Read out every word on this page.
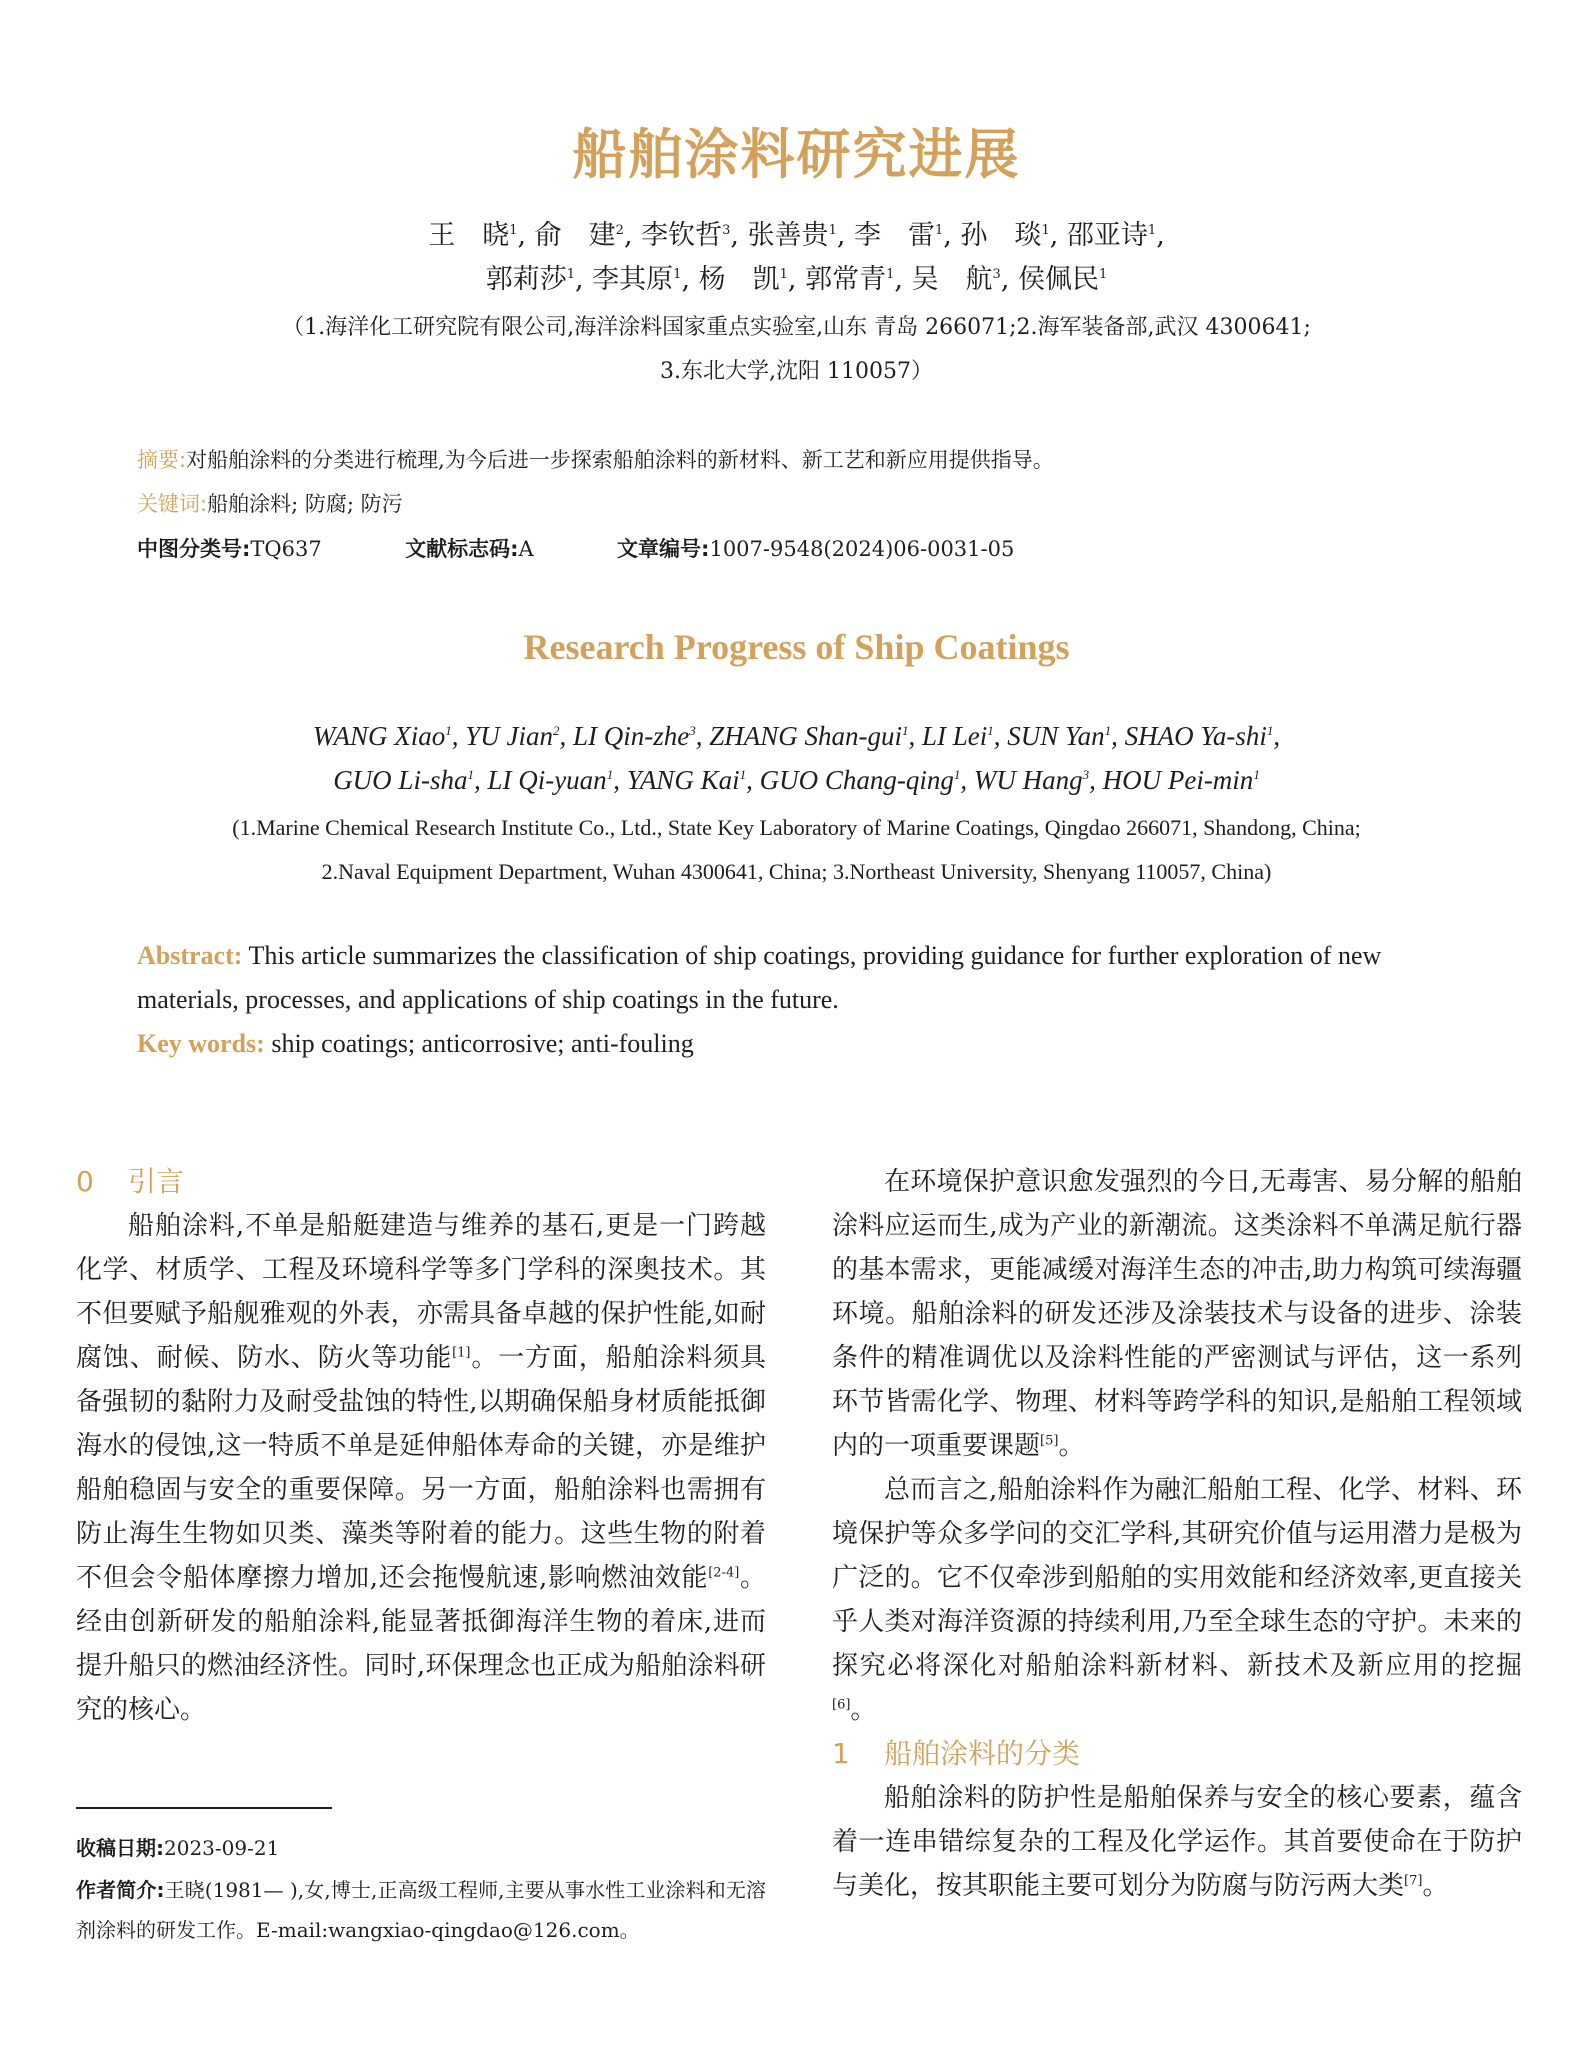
船舶涂料研究进展
王　晓$^1$, 俞　建$^2$, 李钦哲$^3$, 张善贵$^1$, 李　雷$^1$, 孙　琰$^1$, 邵亚诗$^1$,
郭莉莎$^1$, 李其原$^1$, 杨　凯$^1$, 郭常青$^1$, 吴　航$^3$, 侯佩民$^1$
（1.海洋化工研究院有限公司,海洋涂料国家重点实验室,山东 青岛 266071;2.海军装备部,武汉 4300641;
3.东北大学,沈阳 110057）
摘要:对船舶涂料的分类进行梳理,为今后进一步探索船舶涂料的新材料、新工艺和新应用提供指导。
关键词:船舶涂料; 防腐; 防污
中图分类号:TQ637	文献标志码:A	文章编号:1007-9548(2024)06-0031-05
Research Progress of Ship Coatings
WANG Xiao$^1$, YU Jian$^2$, LI Qin-zhe$^3$, ZHANG Shan-gui$^1$, LI Lei$^1$, SUN Yan$^1$, SHAO Ya-shi$^1$,
GUO Li-sha$^1$, LI Qi-yuan$^1$, YANG Kai$^1$, GUO Chang-qing$^1$, WU Hang$^3$, HOU Pei-$\min^1$
(1.Marine Chemical Research Institute Co., Ltd., State Key Laboratory of Marine Coatings, Qingdao 266071, Shandong, China;
2.Naval Equipment Department, Wuhan 4300641, China; 3.Northeast University, Shenyang 110057, China)
Abstract: This article summarizes the classification of ship coatings, providing guidance for further exploration of new materials, processes, and applications of ship coatings in the future.
Key words: ship coatings; anticorrosive; anti-fouling
0 引言

船舶涂料,不单是船艇建造与维养的基石,更是一门跨越化学、材质学、工程及环境科学等多门学科的深奥技术。其不但要赋予船舰雅观的外表，亦需具备卓越的保护性能,如耐腐蚀、耐候、防水、防火等功能[1]。一方面，船舶涂料须具备强韧的黏附力及耐受盐蚀的特性,以期确保船身材质能抵御海水的侵蚀,这一特质不单是延伸船体寿命的关键，亦是维护船舶稳固与安全的重要保障。另一方面，船舶涂料也需拥有防止海生生物如贝类、藻类等附着的能力。这些生物的附着不但会令船体摩擦力增加,还会拖慢航速,影响燃油效能[2-4]。经由创新研发的船舶涂料,能显著抵御海洋生物的着床,进而提升船只的燃油经济性。同时,环保理念也正成为船舶涂料研究的核心。

收稿日期:2023-09-21
作者简介:王晓(1981— ),女,博士,正高级工程师,主要从事水性工业涂料和无溶剂涂料的研发工作。E-mail:wangxiao-qingdao@126.com。

在环境保护意识愈发强烈的今日,无毒害、易分解的船舶涂料应运而生,成为产业的新潮流。这类涂料不单满足航行器的基本需求，更能减缓对海洋生态的冲击,助力构筑可续海疆环境。船舶涂料的研发还涉及涂装技术与设备的进步、涂装条件的精准调优以及涂料性能的严密测试与评估，这一系列环节皆需化学、物理、材料等跨学科的知识,是船舶工程领域内的一项重要课题[5]。

总而言之,船舶涂料作为融汇船舶工程、化学、材料、环境保护等众多学问的交汇学科,其研究价值与运用潜力是极为广泛的。它不仅牵涉到船舶的实用效能和经济效率,更直接关乎人类对海洋资源的持续利用,乃至全球生态的守护。未来的探究必将深化对船舶涂料新材料、新技术及新应用的挖掘[6]。

1 船舶涂料的分类

船舶涂料的防护性是船舶保养与安全的核心要素，蕴含着一连串错综复杂的工程及化学运作。其首要使命在于防护与美化，按其职能主要可划分为防腐与防污两大类[7]。
